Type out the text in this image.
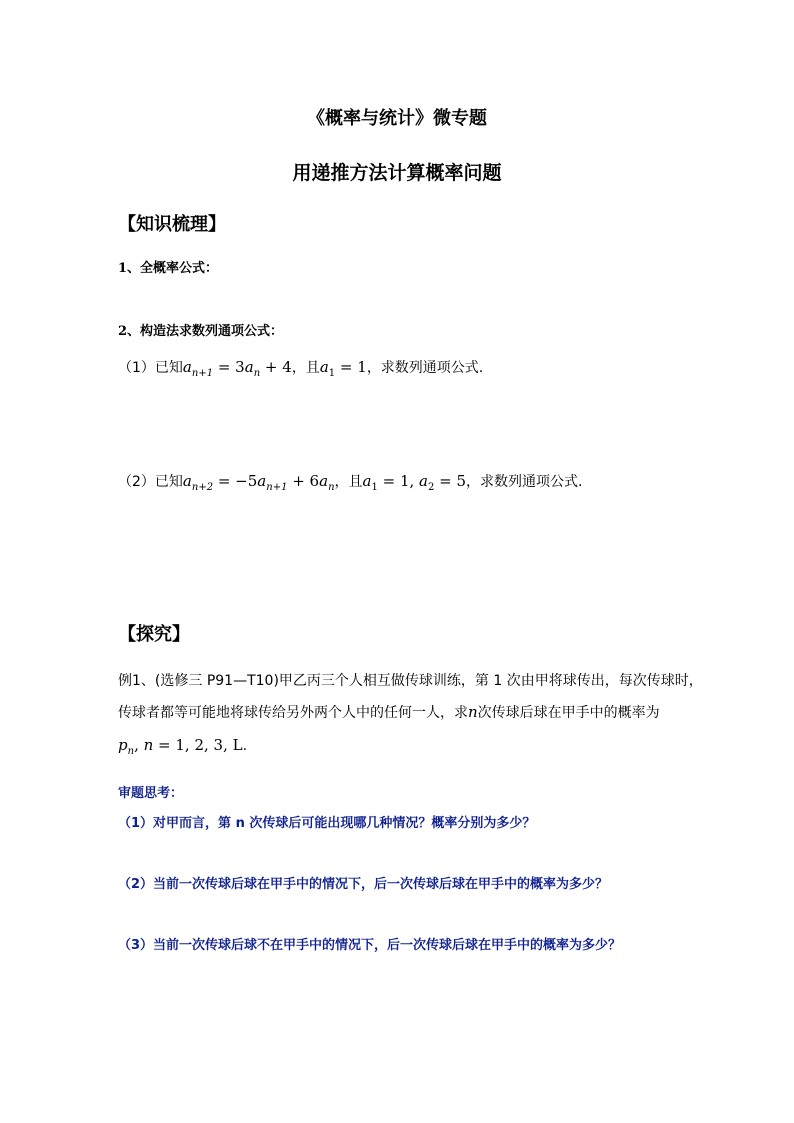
《概率与统计》微专题
用递推方法计算概率问题
【知识梳理】
1、全概率公式：
2、构造法求数列通项公式：
（1）已知$a_{n+1} = 3a_n + 4$，且$a_1 = 1$，求数列通项公式.
（2）已知$a_{n+2} = -5a_{n+1} + 6a_n$，且$a_1 = 1$, $a_2 = 5$，求数列通项公式.
【探究】
例1、(选修三 P91—T10)甲乙丙三个人相互做传球训练，第 1 次由甲将球传出，每次传球时，
传球者都等可能地将球传给另外两个人中的任何一人，求n次传球后球在甲手中的概率为
$p_n$, n = 1, 2, 3, L.
审题思考：
（1）对甲而言，第 n 次传球后可能出现哪几种情况？概率分别为多少？
（2）当前一次传球后球在甲手中的情况下，后一次传球后球在甲手中的概率为多少？
（3）当前一次传球后球不在甲手中的情况下，后一次传球后球在甲手中的概率为多少？
